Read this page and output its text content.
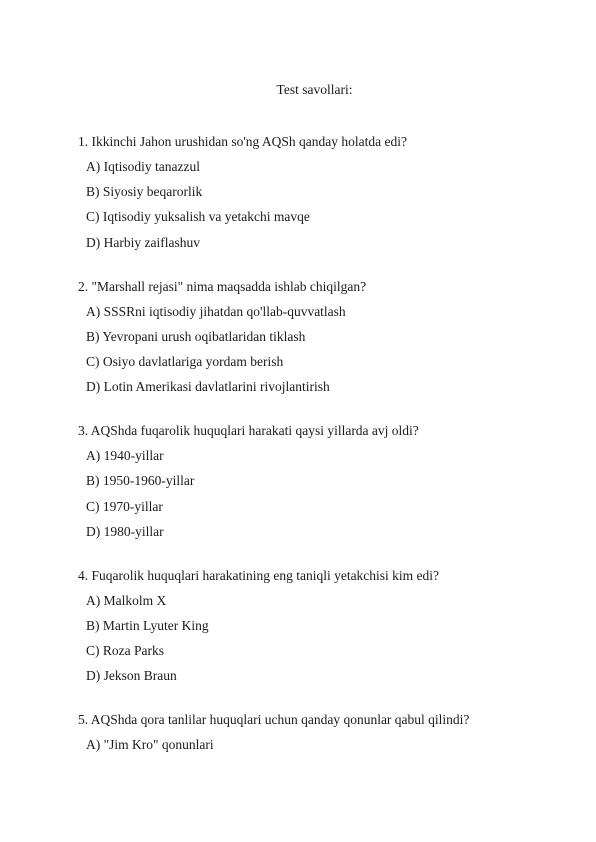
Test savollari:
1. Ikkinchi Jahon urushidan so'ng AQSh qanday holatda edi?
A) Iqtisodiy tanazzul
B) Siyosiy beqarorlik
C) Iqtisodiy yuksalish va yetakchi mavqe
D) Harbiy zaiflashuv
2. "Marshall rejasi" nima maqsadda ishlab chiqilgan?
A) SSSRni iqtisodiy jihatdan qo'llab-quvvatlash
B) Yevropani urush oqibatlaridan tiklash
C) Osiyo davlatlariga yordam berish
D) Lotin Amerikasi davlatlarini rivojlantirish
3. AQShda fuqarolik huquqlari harakati qaysi yillarda avj oldi?
A) 1940-yillar
B) 1950-1960-yillar
C) 1970-yillar
D) 1980-yillar
4. Fuqarolik huquqlari harakatining eng taniqli yetakchisi kim edi?
A) Malkolm X
B) Martin Lyuter King
C) Roza Parks
D) Jekson Braun
5. AQShda qora tanlilar huquqlari uchun qanday qonunlar qabul qilindi?
A) "Jim Kro" qonunlari
